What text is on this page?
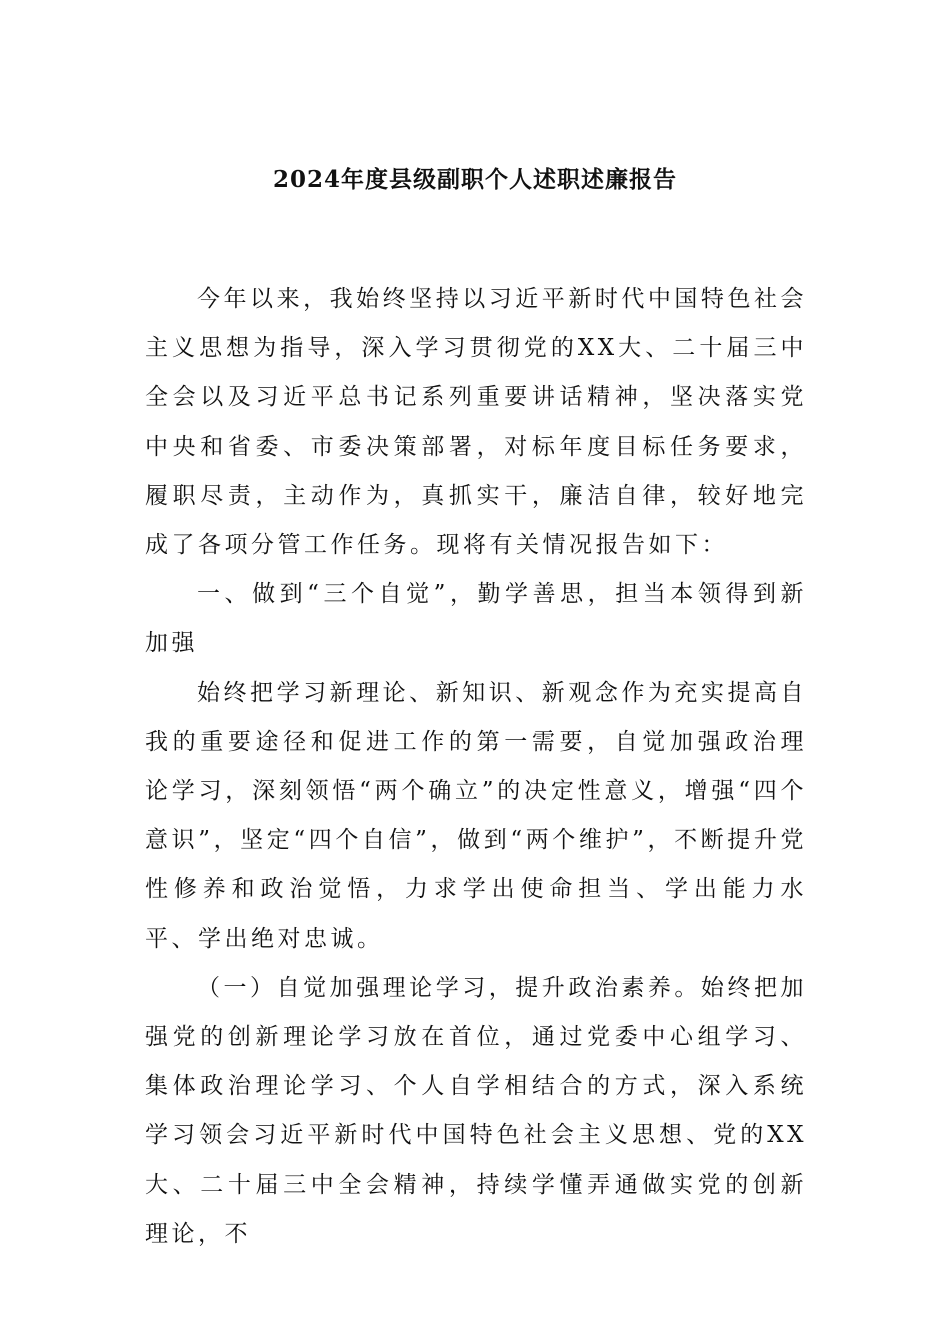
2024年度县级副职个人述职述廉报告

今年以来，我始终坚持以习近平新时代中国特色社会主义思想为指导，深入学习贯彻党的XX大、二十届三中全会以及习近平总书记系列重要讲话精神，坚决落实党中央和省委、市委决策部署，对标年度目标任务要求，履职尽责，主动作为，真抓实干，廉洁自律，较好地完成了各项分管工作任务。现将有关情况报告如下：

一、做到“三个自觉”，勤学善思，担当本领得到新加强

始终把学习新理论、新知识、新观念作为充实提高自我的重要途径和促进工作的第一需要，自觉加强政治理论学习，深刻领悟“两个确立”的决定性意义，增强“四个意识”，坚定“四个自信”，做到“两个维护”，不断提升党性修养和政治觉悟，力求学出使命担当、学出能力水平、学出绝对忠诚。

（一）自觉加强理论学习，提升政治素养。始终把加强党的创新理论学习放在首位，通过党委中心组学习、集体政治理论学习、个人自学相结合的方式，深入系统学习领会习近平新时代中国特色社会主义思想、党的XX大、二十届三中全会精神，持续学懂弄通做实党的创新理论，不
